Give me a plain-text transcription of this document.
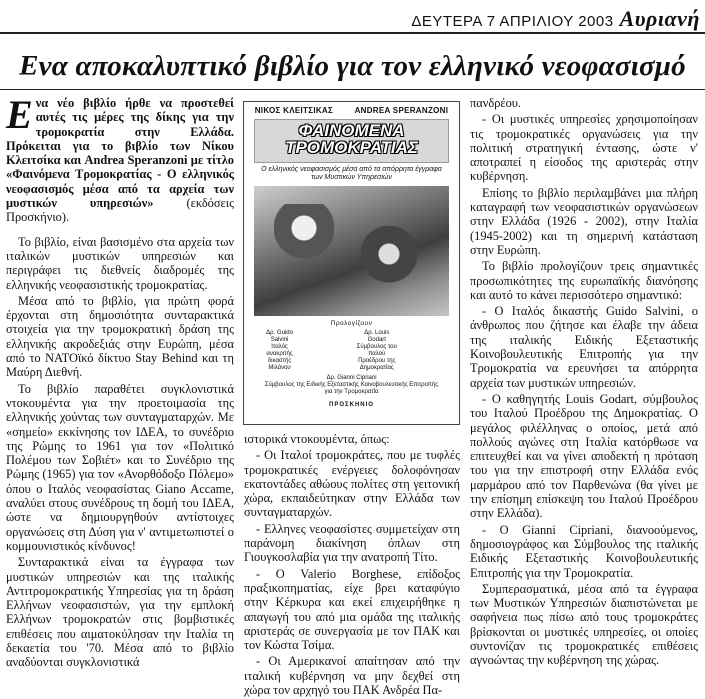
ΔΕΥΤΕΡΑ 7 ΑΠΡΙΛΙΟΥ 2003 Αυριανή
Ενα αποκαλυπτικό βιβλίο για τον ελληνικό νεοφασισμό

Ενα νέο βιβλίο ήρθε να προστεθεί αυτές τις μέρες της δίκης για την τρομοκρατία στην Ελλάδα. Πρόκειται για το βιβλίο των Νίκου Κλειτσίκα και Andrea Speranzoni με τίτλο «Φαινόμενα Τρομοκρατίας - Ο ελληνικός νεοφασισμός μέσα από τα αρχεία των μυστικών υπηρεσιών» (εκδόσεις Προσκήνιο).

Το βιβλίο, είναι βασισμένο στα αρχεία των ιταλικών μυστικών υπηρεσιών και περιγράφει τις διεθνείς διαδρομές της ελληνικής νεοφασιστικής τρομοκρατίας.

Μέσα από το βιβλίο, για πρώτη φορά έρχονται στη δημοσιότητα συνταρακτικά στοιχεία για την τρομοκρατική δράση της ελληνικής ακροδεξιάς στην Ευρώπη, μέσα από το ΝΑΤΟϊκό δίκτυο Stay Behind και τη Μαύρη Διεθνή.

Το βιβλίο παραθέτει συγκλονιστικά ντοκουμέντα για την προετοιμασία της ελληνικής χούντας των συνταγματαρχών. Με «σημείο» εκκίνησης τον ΙΔΕΑ, το συνέδριο της Ρώμης το 1961 για τον «Πολιτικό Πολέμου των Σοβιέτ» και το Συνέδριο της Ρώμης (1965) για τον «Ανορθόδοξο Πόλεμο» όπου ο Ιταλός νεοφασίστας Giano Accame, αναλύει στους συνέδρους τη δομή του ΙΔΕΑ, ώστε να δημιουργηθούν αντίστοιχες οργανώσεις στη Δύση για ν' αντιμετωπιστεί ο κομμουνιστικός κίνδυνος!

Συνταρακτικά είναι τα έγγραφα των μυστικών υπηρεσιών και της ιταλικής Αντιτρομοκρατικής Υπηρεσίας για τη δράση Ελλήνων νεοφασιστών, για την εμπλοκή Ελλήνων τρομοκρατών στις βομβιστικές επιθέσεις που αιματοκύλησαν την Ιταλία τη δεκαετία του '70. Μέσα από το βιβλίο αναδύονται συγκλονιστικά

ΝΙΚΟΣ ΚΛΕΙΤΣΙΚΑΣ	ANDREA SPERANZONI
ΦΑΙΝΟΜΕΝΑ
ΤΡΟΜΟΚΡΑΤΙΑΣ
Ο ελληνικός νεοφασισμός μέσα από τα απόρρητα έγγραφα των Μυστικών Υπηρεσιών
Προλογίζουν
Δρ. Guido Salvini
Ιταλός ανακριτής δικαστής Μιλάνου
Δρ. Louis Godart
Σύμβουλος του Ιταλού Προέδρου της Δημοκρατίας
Δρ. Gianni Cipriani
Σύμβουλος της Ειδικής Εξεταστικής Κοινοβουλευτικής Επιτροπής για την Τρομοκρατία
ΠΡΟΣΚΗΝΙΟ

ιστορικά ντοκουμέντα, όπως:

- Οι Ιταλοί τρομοκράτες, που με τυφλές τρομοκρατικές ενέργειες δολοφόνησαν εκατοντάδες αθώους πολίτες στη γειτονική χώρα, εκπαιδεύτηκαν στην Ελλάδα των συνταγματαρχών.

- Ελληνες νεοφασίστες συμμετείχαν στη παράνομη διακίνηση όπλων στη Γιουγκοσλαβία για την ανατροπή Τίτο.

- Ο Valerio Borghese, επίδοξος πραξικοπηματίας, είχε βρει καταφύγιο στην Κέρκυρα και εκεί επιχειρήθηκε η απαγωγή του από μια ομάδα της ιταλικής αριστεράς σε συνεργασία με τον ΠΑΚ και τον Κώστα Τσίμα.

- Οι Αμερικανοί απαίτησαν από την ιταλική κυβέρνηση να μην δεχθεί στη χώρα τον αρχηγό του ΠΑΚ Ανδρέα Πα-

πανδρέου.

- Οι μυστικές υπηρεσίες χρησιμοποίησαν τις τρομοκρατικές οργανώσεις για την πολιτική στρατηγική έντασης, ώστε ν' αποτραπεί η είσοδος της αριστεράς στην κυβέρνηση.

Επίσης το βιβλίο περιλαμβάνει μια πλήρη καταγραφή των νεοφασιστικών οργανώσεων στην Ελλάδα (1926 - 2002), στην Ιταλία (1945-2002) και τη σημερινή κατάσταση στην Ευρώπη.

Το βιβλίο προλογίζουν τρεις σημαντικές προσωπικότητες της ευρωπαϊκής διανόησης και αυτό το κάνει περισσότερο σημαντικό:

- Ο Ιταλός δικαστής Guido Salvini, ο άνθρωπος που ζήτησε και έλαβε την άδεια της ιταλικής Ειδικής Εξεταστικής Κοινοβουλευτικής Επιτροπής για την Τρομοκρατία να ερευνήσει τα απόρρητα αρχεία των μυστικών υπηρεσιών.

- Ο καθηγητής Louis Godart, σύμβουλος του Ιταλού Προέδρου της Δημοκρατίας. Ο μεγάλος φιλέλληνας ο οποίος, μετά από πολλούς αγώνες στη Ιταλία κατόρθωσε να επιτευχθεί και να γίνει αποδεκτή η πρόταση του για την επιστροφή στην Ελλάδα ενός μαρμάρου από τον Παρθενώνα (θα γίνει με την επίσημη επίσκεψη του Ιταλού Προέδρου στην Ελλάδα).

- Ο Gianni Cipriani, διανοούμενος, δημοσιογράφος και Σύμβουλος της ιταλικής Ειδικής Εξεταστικής Κοινοβουλευτικής Επιτροπής για την Τρομοκρατία.

Συμπερασματικά, μέσα από τα έγγραφα των Μυστικών Υπηρεσιών διαπιστώνεται με σαφήνεια πως πίσω από τους τρομοκράτες βρίσκονται οι μυστικές υπηρεσίες, οι οποίες συντονίζαν τις τρομοκρατικές επιθέσεις αγνοώντας την κυβέρνηση της χώρας.
